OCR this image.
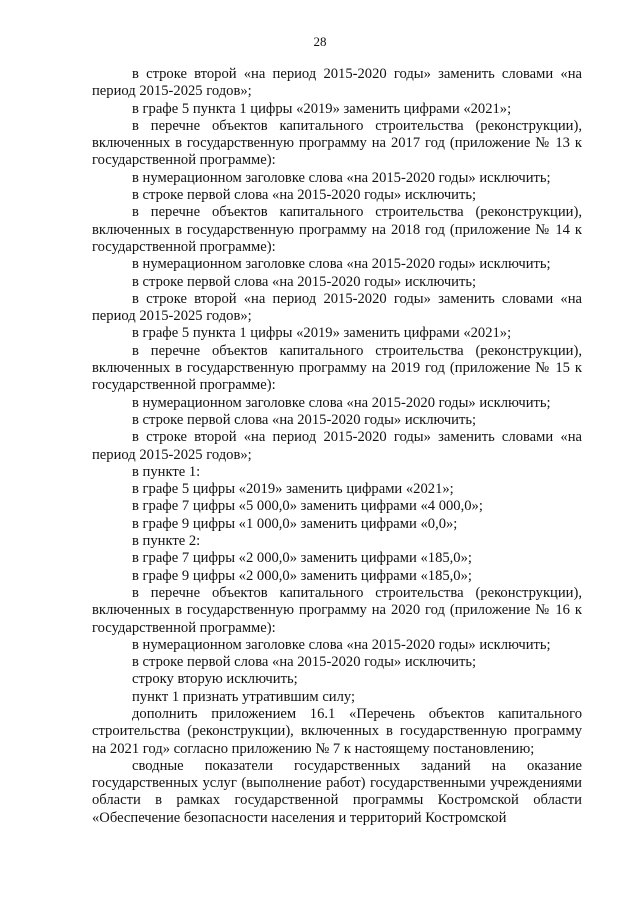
28

в строке второй «на период 2015-2020 годы» заменить словами «на период 2015-2025 годов»;

в графе 5 пункта 1 цифры «2019» заменить цифрами «2021»;

в перечне объектов капитального строительства (реконструкции), включенных в государственную программу на 2017 год (приложение № 13 к государственной программе):

в нумерационном заголовке слова «на 2015-2020 годы» исключить;

в строке первой слова «на 2015-2020 годы» исключить;

в перечне объектов капитального строительства (реконструкции), включенных в государственную программу на 2018 год (приложение № 14 к государственной программе):

в нумерационном заголовке слова «на 2015-2020 годы» исключить;

в строке первой слова «на 2015-2020 годы» исключить;

в строке второй «на период 2015-2020 годы» заменить словами «на период 2015-2025 годов»;

в графе 5 пункта 1 цифры «2019» заменить цифрами «2021»;

в перечне объектов капитального строительства (реконструкции), включенных в государственную программу на 2019 год (приложение № 15 к государственной программе):

в нумерационном заголовке слова «на 2015-2020 годы» исключить;

в строке первой слова «на 2015-2020 годы» исключить;

в строке второй «на период 2015-2020 годы» заменить словами «на период 2015-2025 годов»;

в пункте 1:

в графе 5 цифры «2019» заменить цифрами «2021»;

в графе 7 цифры «5 000,0» заменить цифрами «4 000,0»;

в графе 9 цифры «1 000,0» заменить цифрами «0,0»;

в пункте 2:

в графе 7 цифры «2 000,0» заменить цифрами «185,0»;

в графе 9 цифры «2 000,0» заменить цифрами «185,0»;

в перечне объектов капитального строительства (реконструкции), включенных в государственную программу на 2020 год (приложение № 16 к государственной программе):

в нумерационном заголовке слова «на 2015-2020 годы» исключить;

в строке первой слова «на 2015-2020 годы» исключить;

строку вторую исключить;

пункт 1 признать утратившим силу;

дополнить приложением 16.1 «Перечень объектов капитального строительства (реконструкции), включенных в государственную программу на 2021 год» согласно приложению № 7 к настоящему постановлению;

сводные показатели государственных заданий на оказание государственных услуг (выполнение работ) государственными учреждениями области в рамках государственной программы Костромской области «Обеспечение безопасности населения и территорий Костромской
